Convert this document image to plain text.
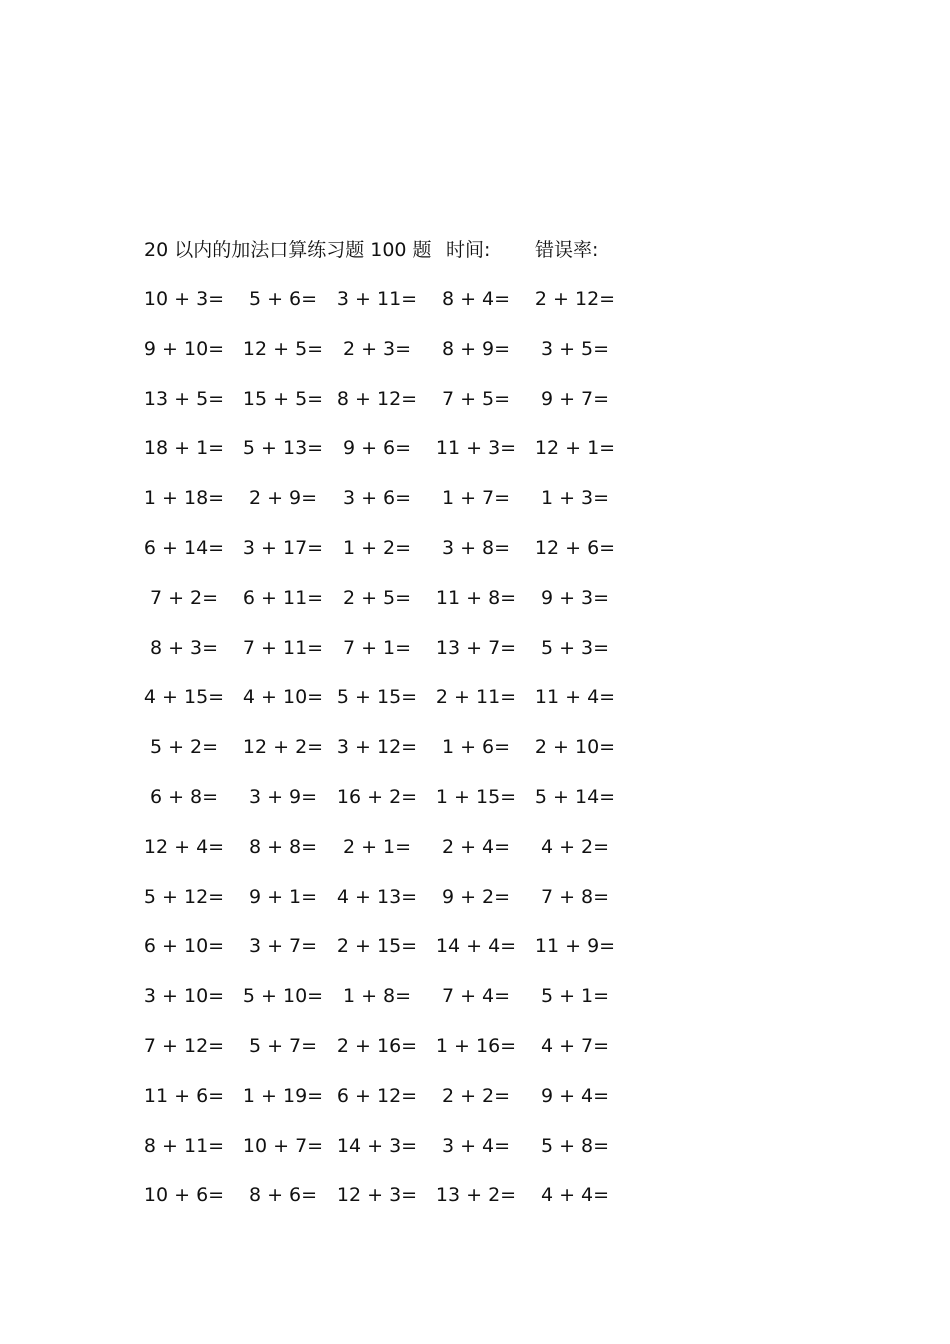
20 以内的加法口算练习题 100 题 时间: 错误率:
10 + 3=	5 + 6=	3 + 11=	8 + 4=	2 + 12=
9 + 10= 12 + 5=	2 + 3=	8 + 9=	3 + 5=
13 + 5= 15 + 5= 8 + 12=	7 + 5=	9 + 7=
18 + 1= 5 + 13=	9 + 6=	11 + 3= 12 + 1=
1 + 18=	2 + 9=	3 + 6=	1 + 7=	1 + 3=
6 + 14= 3 + 17=	1 + 2=	3 + 8=	12 + 6=
7 + 2=	6 + 11=	2 + 5=	11 + 8=	9 + 3=
8 + 3=	7 + 11=	7 + 1=	13 + 7=	5 + 3=
4 + 15= 4 + 10= 5 + 15= 2 + 11= 11 + 4=
5 + 2=	12 + 2= 3 + 12=	1 + 6=	2 + 10=
6 + 8=	3 + 9=	16 + 2= 1 + 15= 5 + 14=
12 + 4=	8 + 8=	2 + 1=	2 + 4=	4 + 2=
5 + 12=	9 + 1=	4 + 13=	9 + 2=	7 + 8=
6 + 10=	3 + 7=	2 + 15= 14 + 4= 11 + 9=
3 + 10= 5 + 10=	1 + 8=	7 + 4=	5 + 1=
7 + 12=	5 + 7=	2 + 16= 1 + 16=	4 + 7=
11 + 6= 1 + 19= 6 + 12=	2 + 2=	9 + 4=
8 + 11= 10 + 7= 14 + 3=	3 + 4=	5 + 8=
10 + 6=	8 + 6=	12 + 3= 13 + 2=	4 + 4=
